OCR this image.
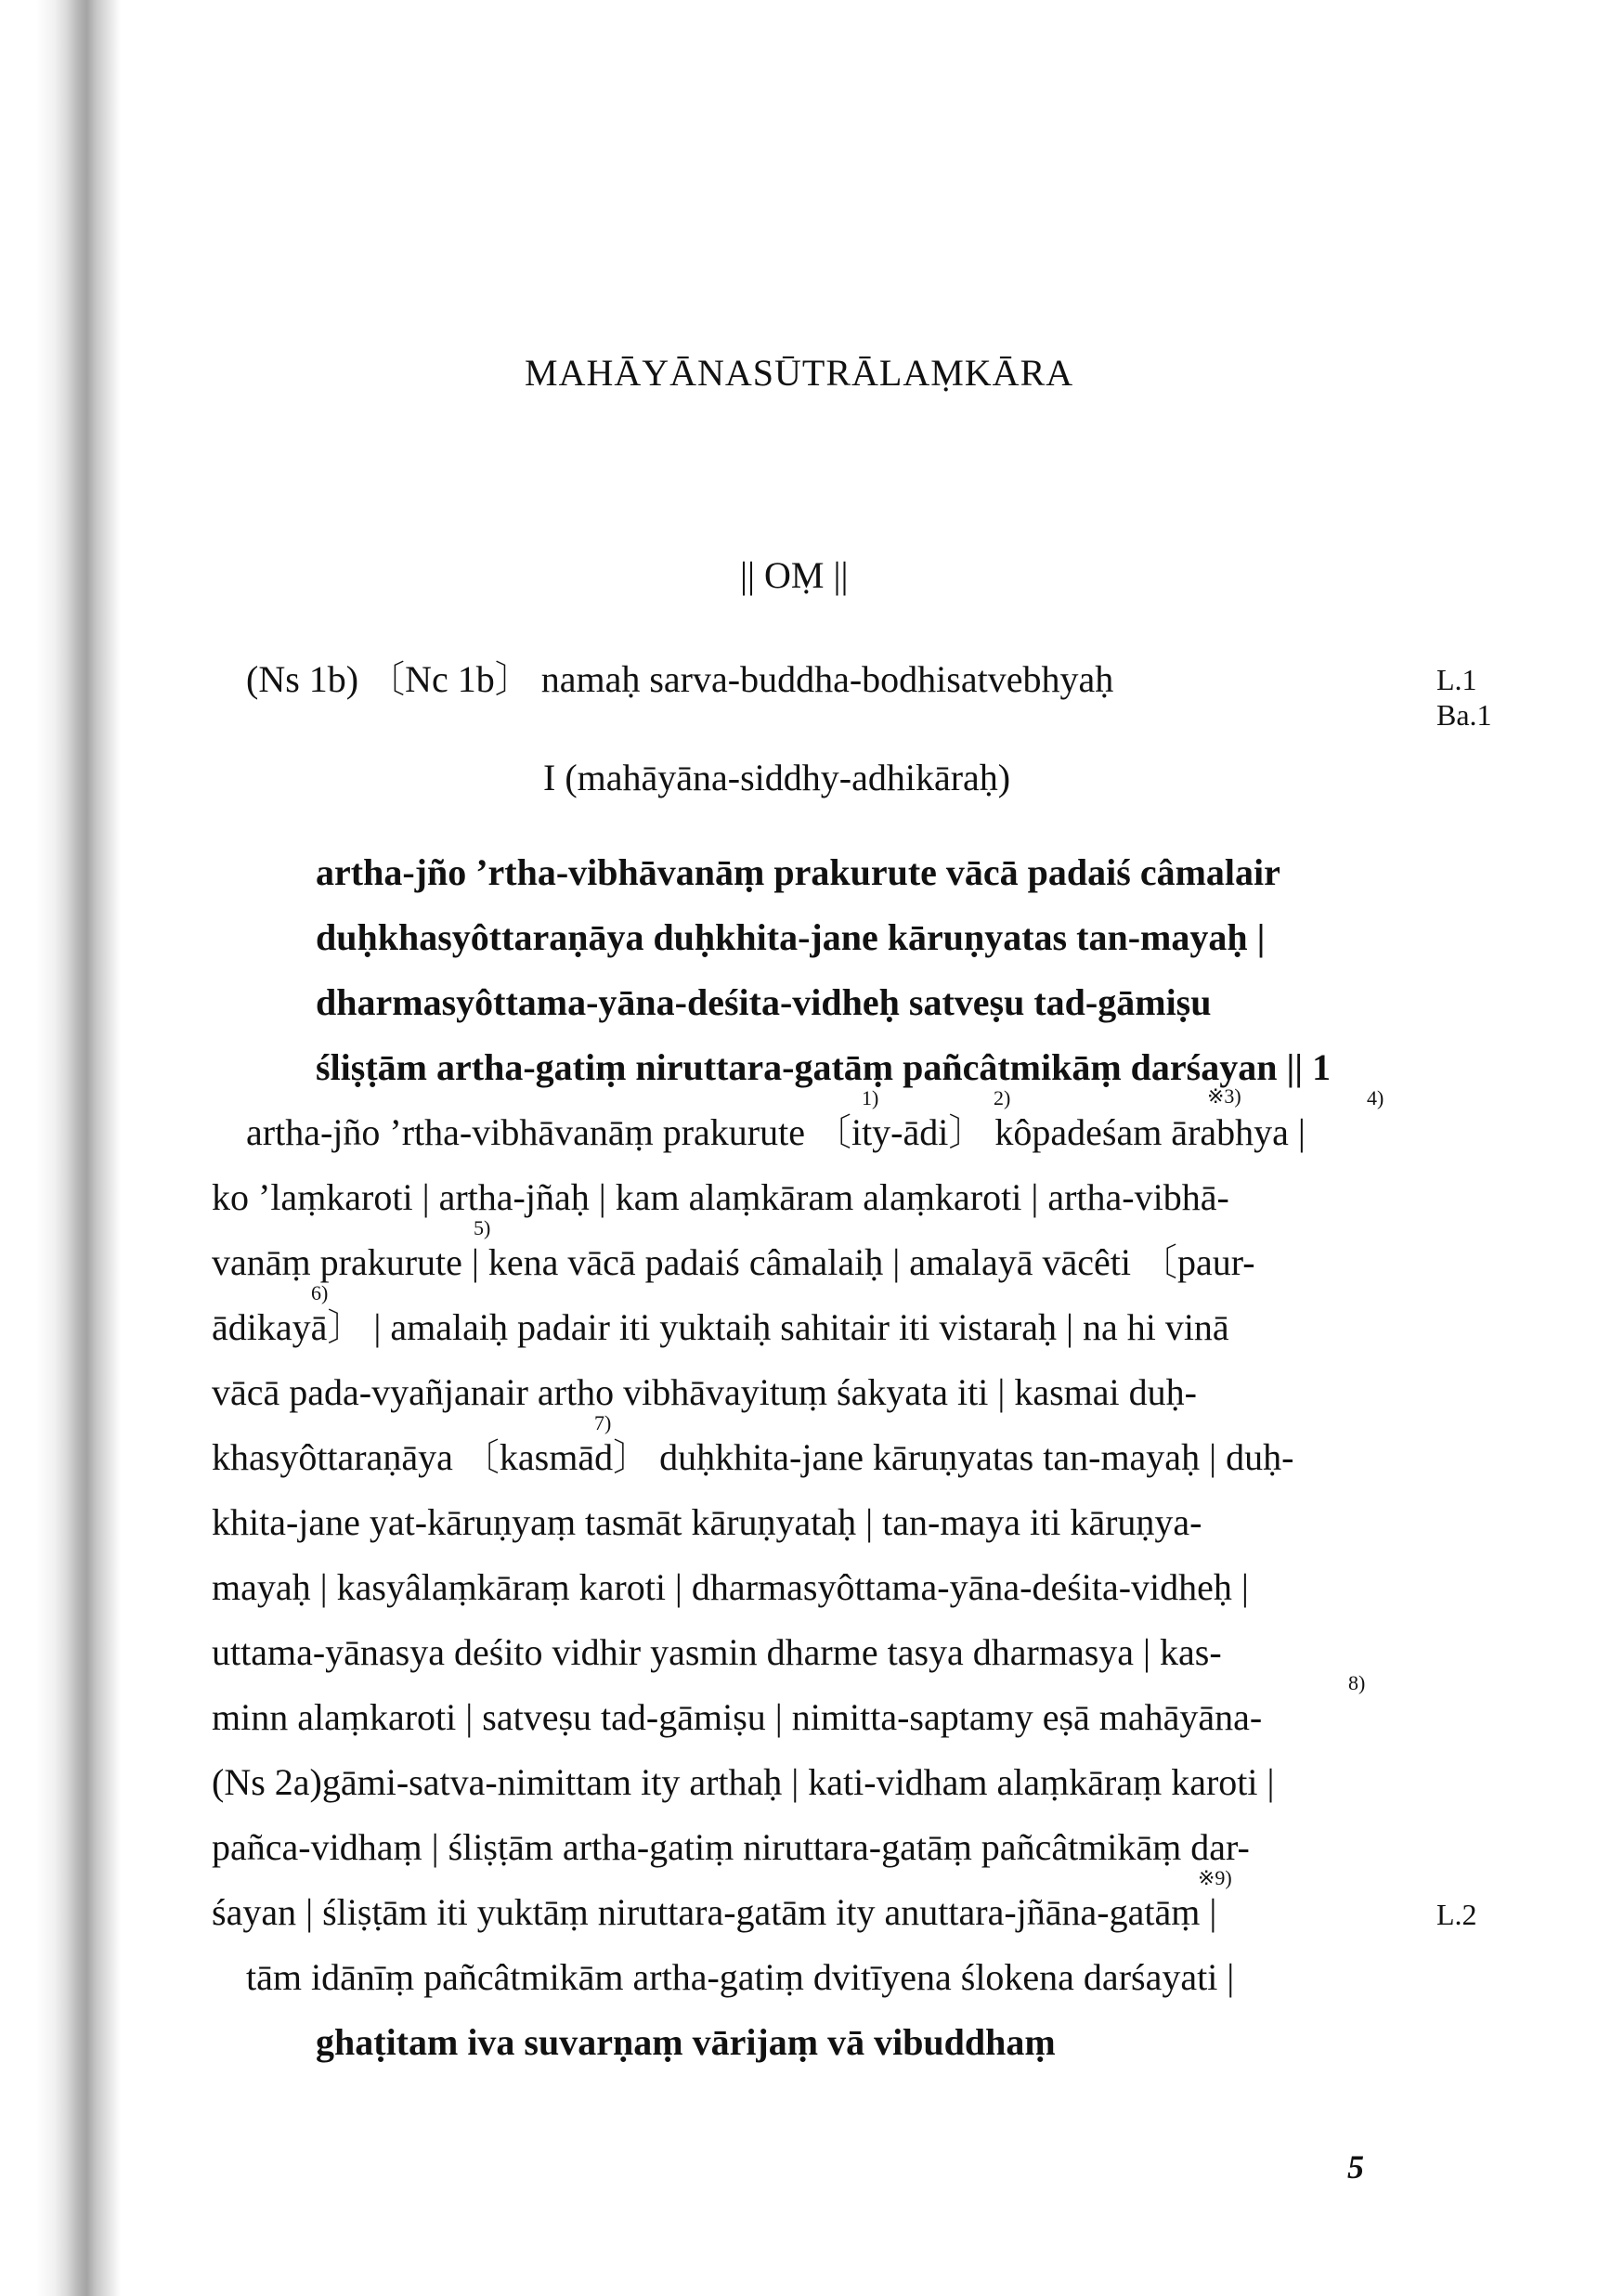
MAHĀYĀNASŪTRĀLAṂKĀRA
|| OṂ ||
(Ns 1b) 〔Nc 1b〕 namaḥ sarva-buddha-bodhisatvebhyaḥ	L.1
Ba.1
I (mahāyāna-siddhy-adhikāraḥ)
artha-jño ’rtha-vibhāvanāṃ prakurute vācā padaiś câmalair
duḥkhasyôttaraṇāya duḥkhita-jane kāruṇyatas tan-mayaḥ |
dharmasyôttama-yāna-deśita-vidheḥ satveṣu tad-gāmiṣu
śliṣṭām artha-gatiṃ niruttara-gatāṃ pañcâtmikāṃ darśayan || 1
1)	2)	※3)	4)
artha-jño ’rtha-vibhāvanāṃ prakurute 〔ity-ādi〕 kôpadeśam ārabhya |
ko ’laṃkaroti | artha-jñaḥ | kam alaṃkāram alaṃkaroti | artha-vibhā-
5)
vanāṃ prakurute | kena vācā padaiś câmalaiḥ | amalayā vācêti 〔paur-
6)
ādikayā〕 | amalaiḥ padair iti yuktaiḥ sahitair iti vistaraḥ | na hi vinā
vācā pada-vyañjanair artho vibhāvayituṃ śakyata iti | kasmai duḥ-
7)
khasyôttaraṇāya 〔kasmād〕 duḥkhita-jane kāruṇyatas tan-mayaḥ | duḥ-
khita-jane yat-kāruṇyaṃ tasmāt kāruṇyataḥ | tan-maya iti kāruṇya-
mayaḥ | kasyâlaṃkāraṃ karoti | dharmasyôttama-yāna-deśita-vidheḥ |
uttama-yānasya deśito vidhir yasmin dharme tasya dharmasya | kas-
8)
minn alaṃkaroti | satveṣu tad-gāmiṣu | nimitta-saptamy eṣā mahāyāna-
(Ns 2a)gāmi-satva-nimittam ity arthaḥ | kati-vidham alaṃkāraṃ karoti |
pañca-vidhaṃ | śliṣṭām artha-gatiṃ niruttara-gatāṃ pañcâtmikāṃ dar-
※9)
śayan | śliṣṭām iti yuktāṃ niruttara-gatām ity anuttara-jñāna-gatāṃ |	L.2
tām idānīṃ pañcâtmikām artha-gatiṃ dvitīyena ślokena darśayati |
ghaṭitam iva suvarṇaṃ vārijaṃ vā vibuddhaṃ
5
